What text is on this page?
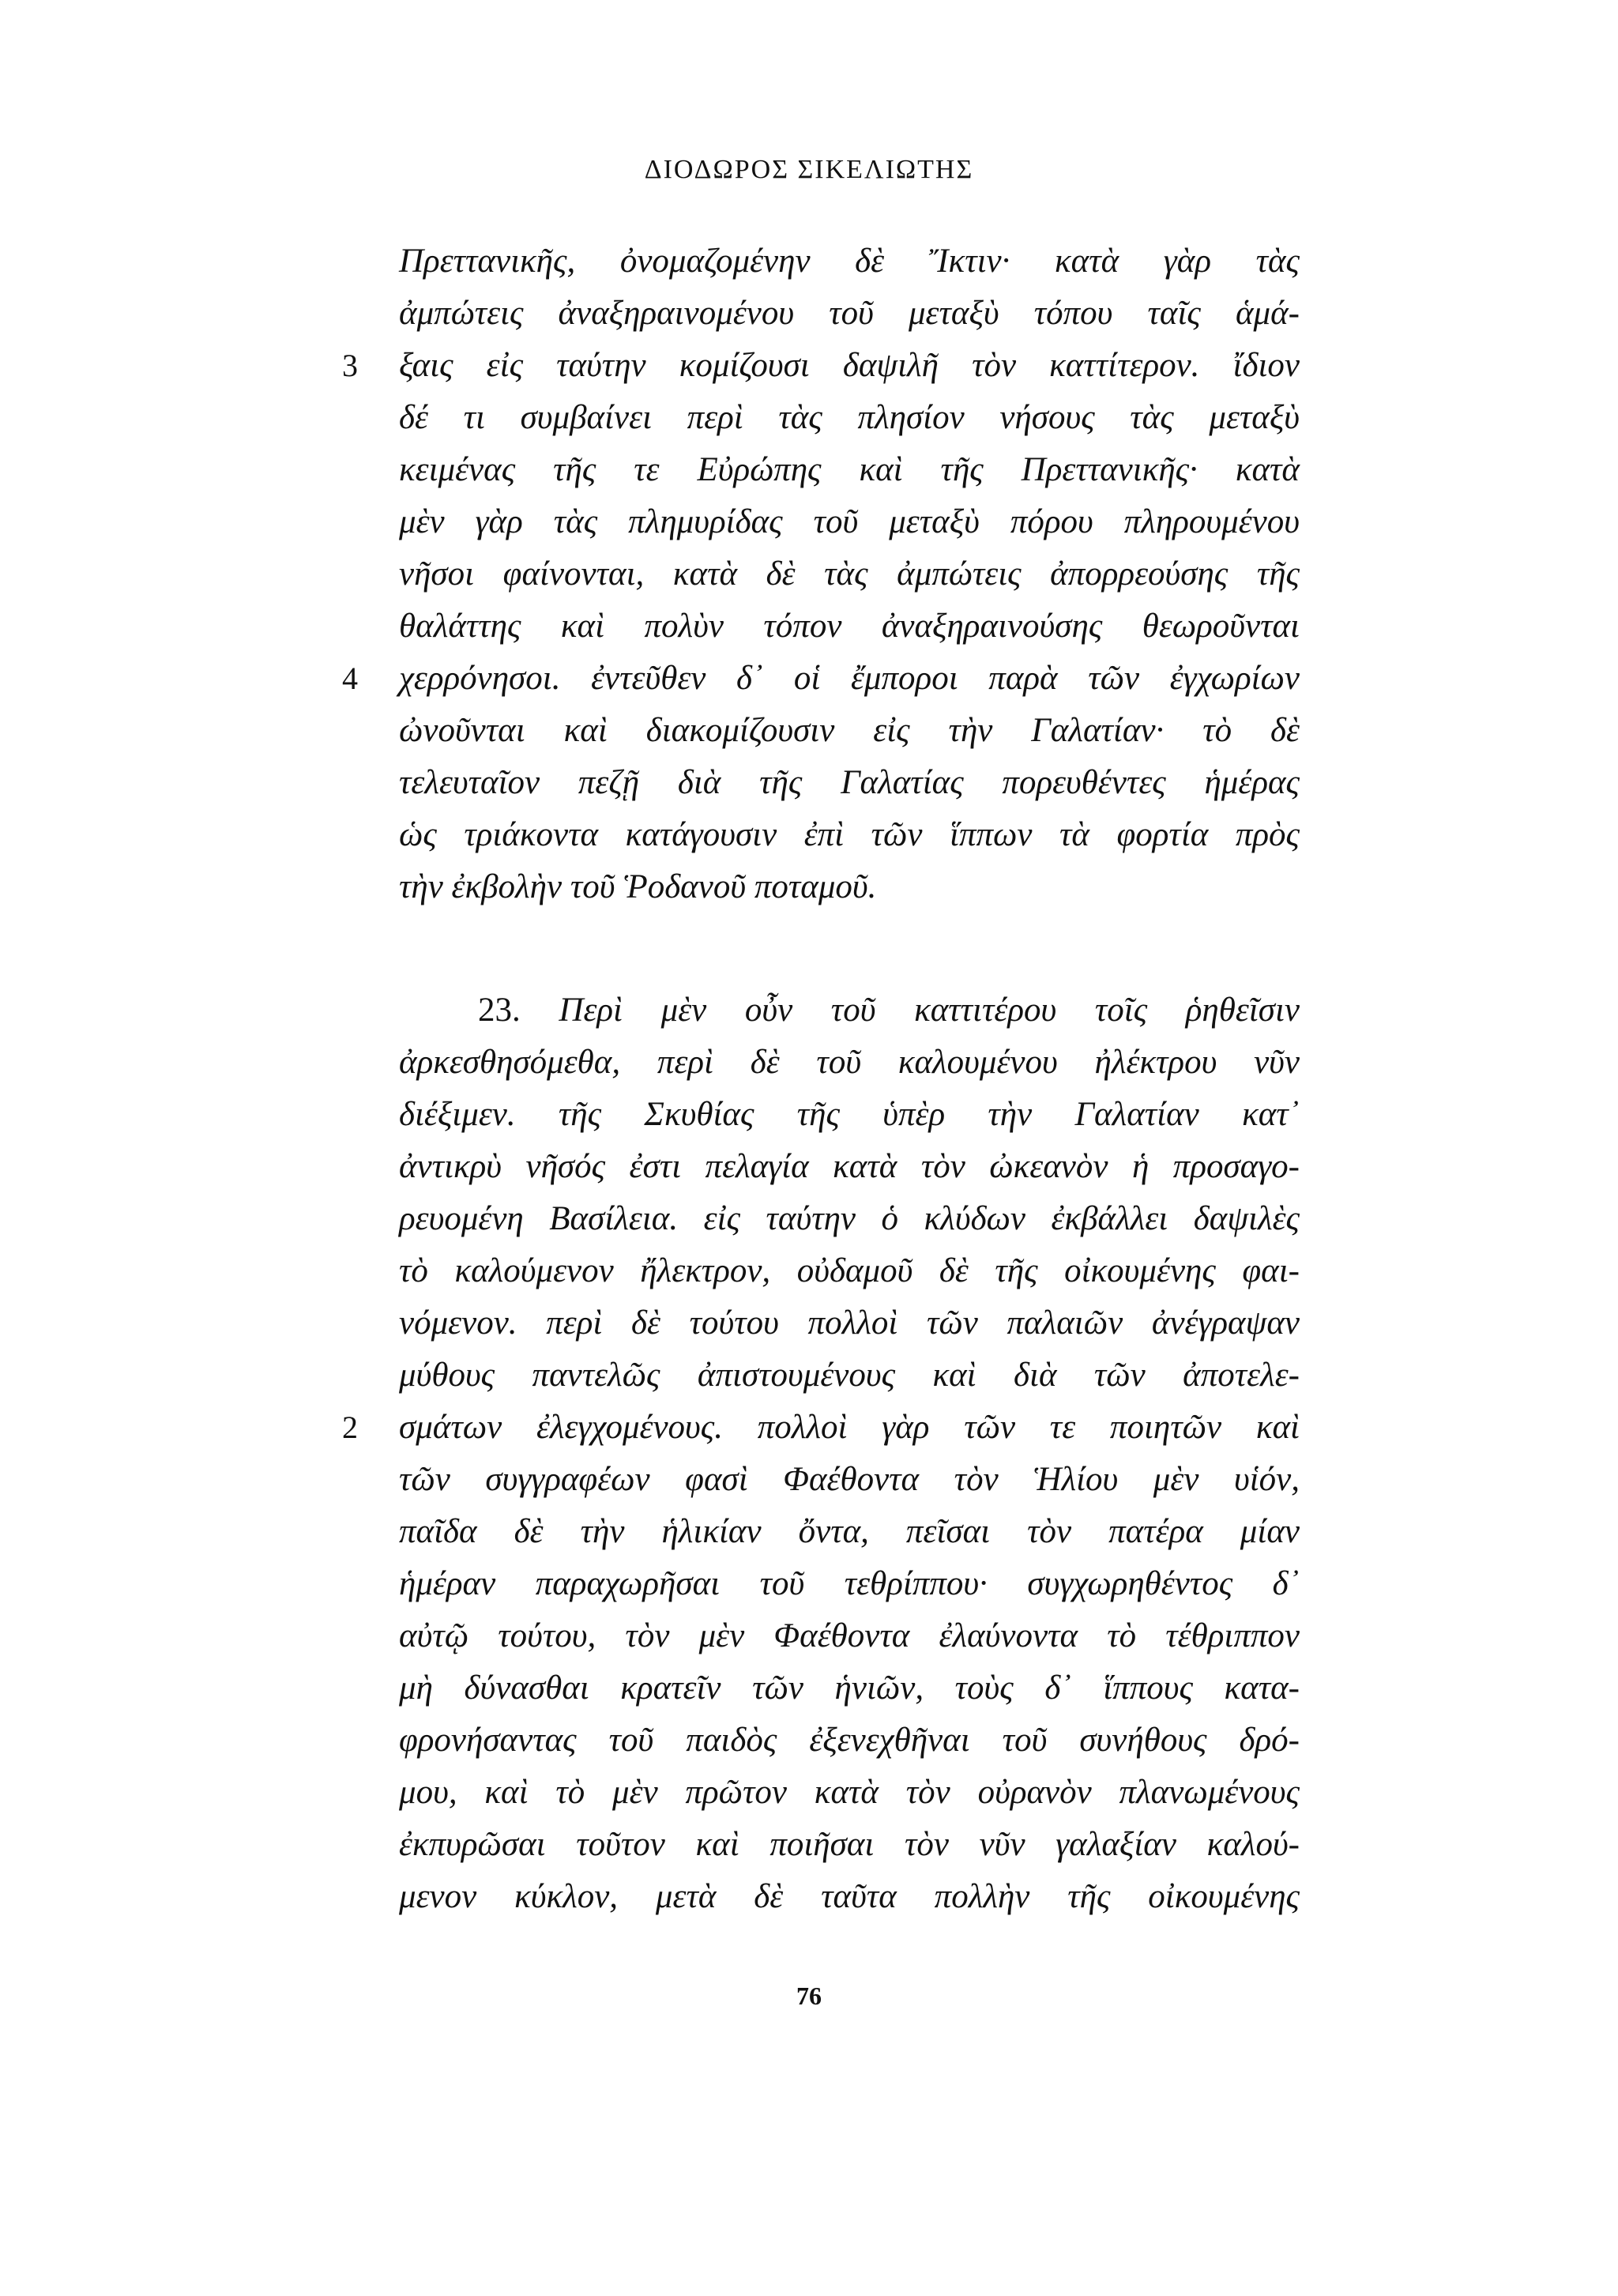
ΔΙΟΔΩΡΟΣ ΣΙΚΕΛΙΩΤΗΣ
Πρεττανικῆς, ὀνομαζομένην δὲ Ἴκτιν· κατὰ γὰρ τὰς
ἀμπώτεις ἀναξηραινομένου τοῦ μεταξὺ τόπου ταῖς ἁμά-
3 ξαις εἰς ταύτην κομίζουσι δαψιλῆ τὸν καττίτερον. ἴδιον
δέ τι συμβαίνει περὶ τὰς πλησίον νήσους τὰς μεταξὺ
κειμένας τῆς τε Εὐρώπης καὶ τῆς Πρεττανικῆς· κατὰ
μὲν γὰρ τὰς πλημυρίδας τοῦ μεταξὺ πόρου πληρουμένου
νῆσοι φαίνονται, κατὰ δὲ τὰς ἀμπώτεις ἀπορρεούσης τῆς
θαλάττης καὶ πολὺν τόπον ἀναξηραινούσης θεωροῦνται
4 χερρόνησοι. ἐντεῦθεν δ᾿ οἱ ἔμποροι παρὰ τῶν ἐγχωρίων
ὠνοῦνται καὶ διακομίζουσιν εἰς τὴν Γαλατίαν· τὸ δὲ
τελευταῖον πεζῇ διὰ τῆς Γαλατίας πορευθέντες ἡμέρας
ὡς τριάκοντα κατάγουσιν ἐπὶ τῶν ἵππων τὰ φορτία πρὸς
τὴν ἐκβολὴν τοῦ Ῥοδανοῦ ποταμοῦ.
23. Περὶ μὲν οὖν τοῦ καττιτέρου τοῖς ῥηθεῖσιν
ἀρκεσθησόμεθα, περὶ δὲ τοῦ καλουμένου ἠλέκτρου νῦν
διέξιμεν. τῆς Σκυθίας τῆς ὑπὲρ τὴν Γαλατίαν κατ᾿
ἀντικρὺ νῆσός ἐστι πελαγία κατὰ τὸν ὠκεανὸν ἡ προσαγο-
ρευομένη Βασίλεια. εἰς ταύτην ὁ κλύδων ἐκβάλλει δαψιλὲς
τὸ καλούμενον ἤλεκτρον, οὐδαμοῦ δὲ τῆς οἰκουμένης φαι-
νόμενον. περὶ δὲ τούτου πολλοὶ τῶν παλαιῶν ἀνέγραψαν
μύθους παντελῶς ἀπιστουμένους καὶ διὰ τῶν ἀποτελε-
2 σμάτων ἐλεγχομένους. πολλοὶ γὰρ τῶν τε ποιητῶν καὶ
τῶν συγγραφέων φασὶ Φαέθοντα τὸν Ἡλίου μὲν υἱόν,
παῖδα δὲ τὴν ἡλικίαν ὄντα, πεῖσαι τὸν πατέρα μίαν
ἡμέραν παραχωρῆσαι τοῦ τεθρίππου· συγχωρηθέντος δ᾿
αὐτῷ τούτου, τὸν μὲν Φαέθοντα ἐλαύνοντα τὸ τέθριππον
μὴ δύνασθαι κρατεῖν τῶν ἡνιῶν, τοὺς δ᾿ ἵππους κατα-
φρονήσαντας τοῦ παιδὸς ἐξενεχθῆναι τοῦ συνήθους δρό-
μου, καὶ τὸ μὲν πρῶτον κατὰ τὸν οὐρανὸν πλανωμένους
ἐκπυρῶσαι τοῦτον καὶ ποιῆσαι τὸν νῦν γαλαξίαν καλού-
μενον κύκλον, μετὰ δὲ ταῦτα πολλὴν τῆς οἰκουμένης
76
